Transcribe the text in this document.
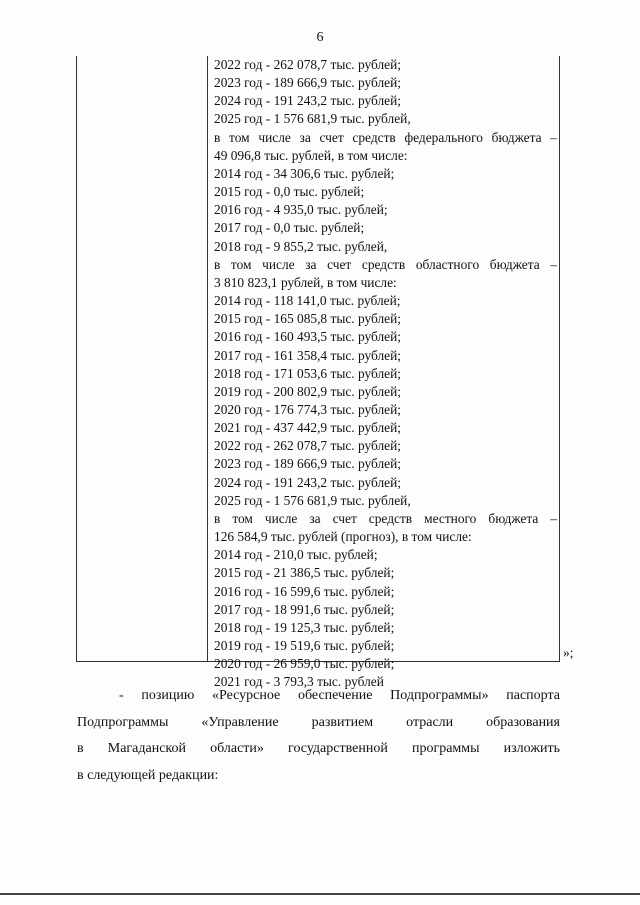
6
2022 год - 262 078,7 тыс. рублей;
2023 год - 189 666,9 тыс. рублей;
2024 год - 191 243,2 тыс. рублей;
2025 год - 1 576 681,9 тыс. рублей,
в том числе за счет средств федерального бюджета –
49 096,8 тыс. рублей, в том числе:
2014 год - 34 306,6 тыс. рублей;
2015 год - 0,0 тыс. рублей;
2016 год - 4 935,0 тыс. рублей;
2017 год - 0,0 тыс. рублей;
2018 год - 9 855,2 тыс. рублей,
в том числе за счет средств областного бюджета –
3 810 823,1 рублей, в том числе:
2014 год - 118 141,0 тыс. рублей;
2015 год - 165 085,8 тыс. рублей;
2016 год - 160 493,5 тыс. рублей;
2017 год - 161 358,4 тыс. рублей;
2018 год - 171 053,6 тыс. рублей;
2019 год - 200 802,9 тыс. рублей;
2020 год - 176 774,3 тыс. рублей;
2021 год - 437 442,9 тыс. рублей;
2022 год - 262 078,7 тыс. рублей;
2023 год - 189 666,9 тыс. рублей;
2024 год - 191 243,2 тыс. рублей;
2025 год - 1 576 681,9 тыс. рублей,
в том числе за счет средств местного бюджета –
126 584,9 тыс. рублей (прогноз), в том числе:
2014 год - 210,0 тыс. рублей;
2015 год - 21 386,5 тыс. рублей;
2016 год - 16 599,6 тыс. рублей;
2017 год - 18 991,6 тыс. рублей;
2018 год - 19 125,3 тыс. рублей;
2019 год - 19 519,6 тыс. рублей;
2020 год - 26 959,0 тыс. рублей;
2021 год - 3 793,3 тыс. рублей
»;
- позицию «Ресурсное обеспечение Подпрограммы» паспорта
Подпрограммы «Управление развитием отрасли образования
в Магаданской области» государственной программы изложить
в следующей редакции:
